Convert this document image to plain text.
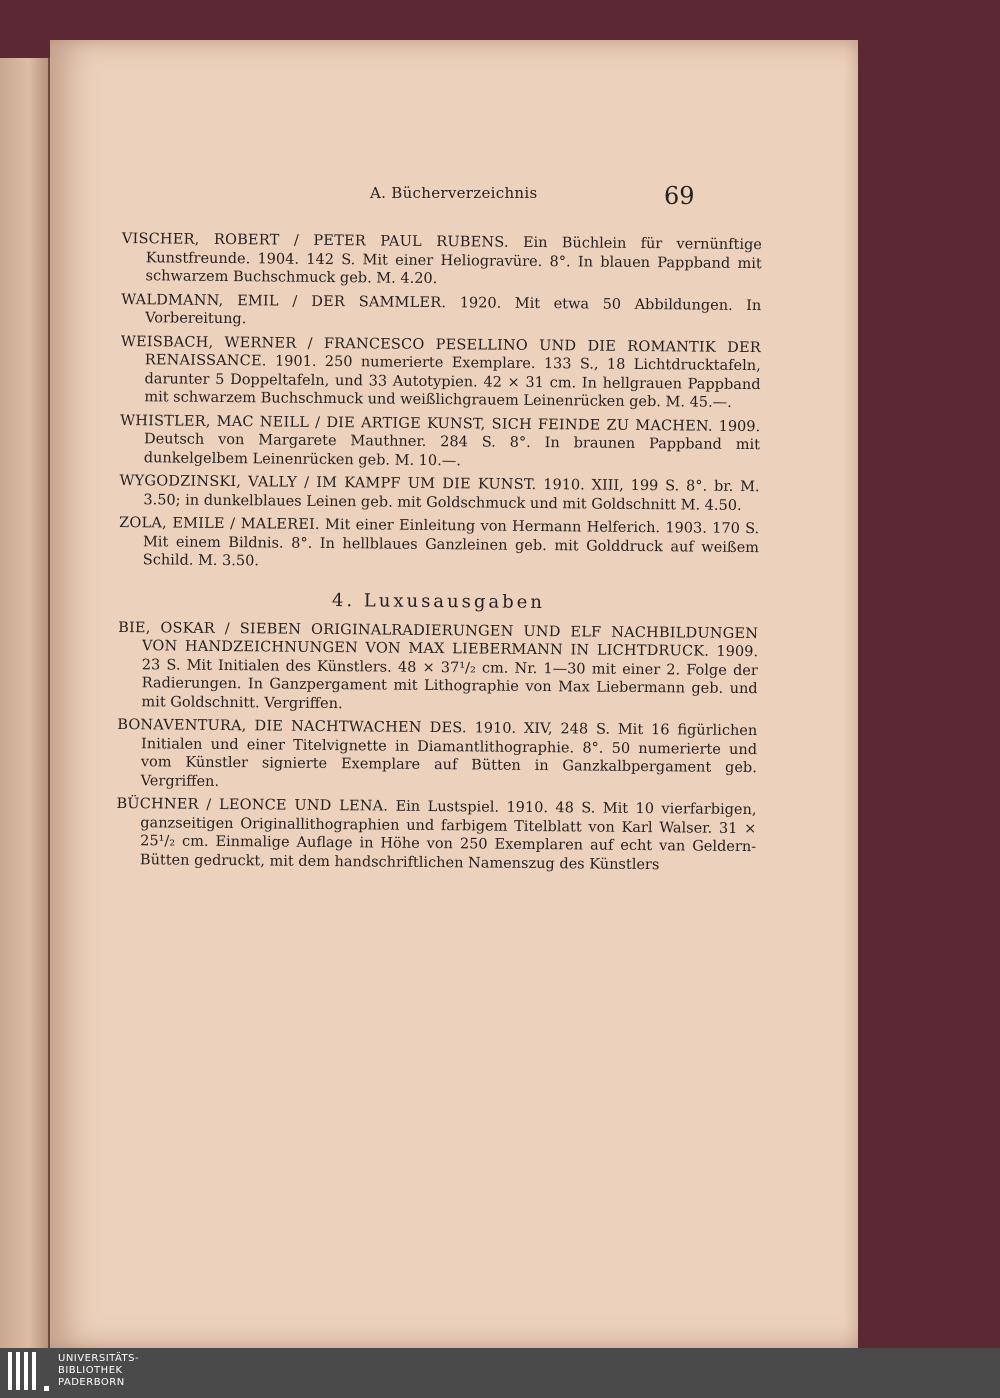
A. Bücherverzeichnis	69

VISCHER, ROBERT / PETER PAUL RUBENS. Ein Büchlein für vernünftige Kunstfreunde. 1904. 142 S. Mit einer Heliogravüre. 8°. In blauen Pappband mit schwarzem Buchschmuck geb. M. 4.20.

WALDMANN, EMIL / DER SAMMLER. 1920. Mit etwa 50 Abbildungen. In Vorbereitung.

WEISBACH, WERNER / FRANCESCO PESELLINO UND DIE ROMANTIK DER RENAISSANCE. 1901. 250 numerierte Exemplare. 133 S., 18 Lichtdrucktafeln, darunter 5 Doppeltafeln, und 33 Autotypien. 42 × 31 cm. In hellgrauen Pappband mit schwarzem Buchschmuck und weißlichgrauem Leinenrücken geb. M. 45.—.

WHISTLER, MAC NEILL / DIE ARTIGE KUNST, SICH FEINDE ZU MACHEN. 1909. Deutsch von Margarete Mauthner. 284 S. 8°. In braunen Pappband mit dunkelgelbem Leinenrücken geb. M. 10.—.

WYGODZINSKI, VALLY / IM KAMPF UM DIE KUNST. 1910. XIII, 199 S. 8°. br. M. 3.50; in dunkelblaues Leinen geb. mit Goldschmuck und mit Goldschnitt M. 4.50.

ZOLA, EMILE / MALEREI. Mit einer Einleitung von Hermann Helferich. 1903. 170 S. Mit einem Bildnis. 8°. In hellblaues Ganzleinen geb. mit Golddruck auf weißem Schild. M. 3.50.

4. Luxusausgaben

BIE, OSKAR / SIEBEN ORIGINALRADIERUNGEN UND ELF NACHBILDUNGEN VON HANDZEICHNUNGEN VON MAX LIEBERMANN IN LICHTDRUCK. 1909. 23 S. Mit Initialen des Künstlers. 48 × 37¹/₂ cm. Nr. 1—30 mit einer 2. Folge der Radierungen. In Ganzpergament mit Lithographie von Max Liebermann geb. und mit Goldschnitt. Vergriffen.

BONAVENTURA, DIE NACHTWACHEN DES. 1910. XIV, 248 S. Mit 16 figürlichen Initialen und einer Titelvignette in Diamantlithographie. 8°. 50 numerierte und vom Künstler signierte Exemplare auf Bütten in Ganzkalbpergament geb. Vergriffen.

BÜCHNER / LEONCE UND LENA. Ein Lustspiel. 1910. 48 S. Mit 10 vierfarbigen, ganzseitigen Originallithographien und farbigem Titelblatt von Karl Walser. 31 × 25¹/₂ cm. Einmalige Auflage in Höhe von 250 Exemplaren auf echt van Geldern-Bütten gedruckt, mit dem handschriftlichen Namenszug des Künstlers

UNIVERSITÄTS-
BIBLIOTHEK
PADERBORN
